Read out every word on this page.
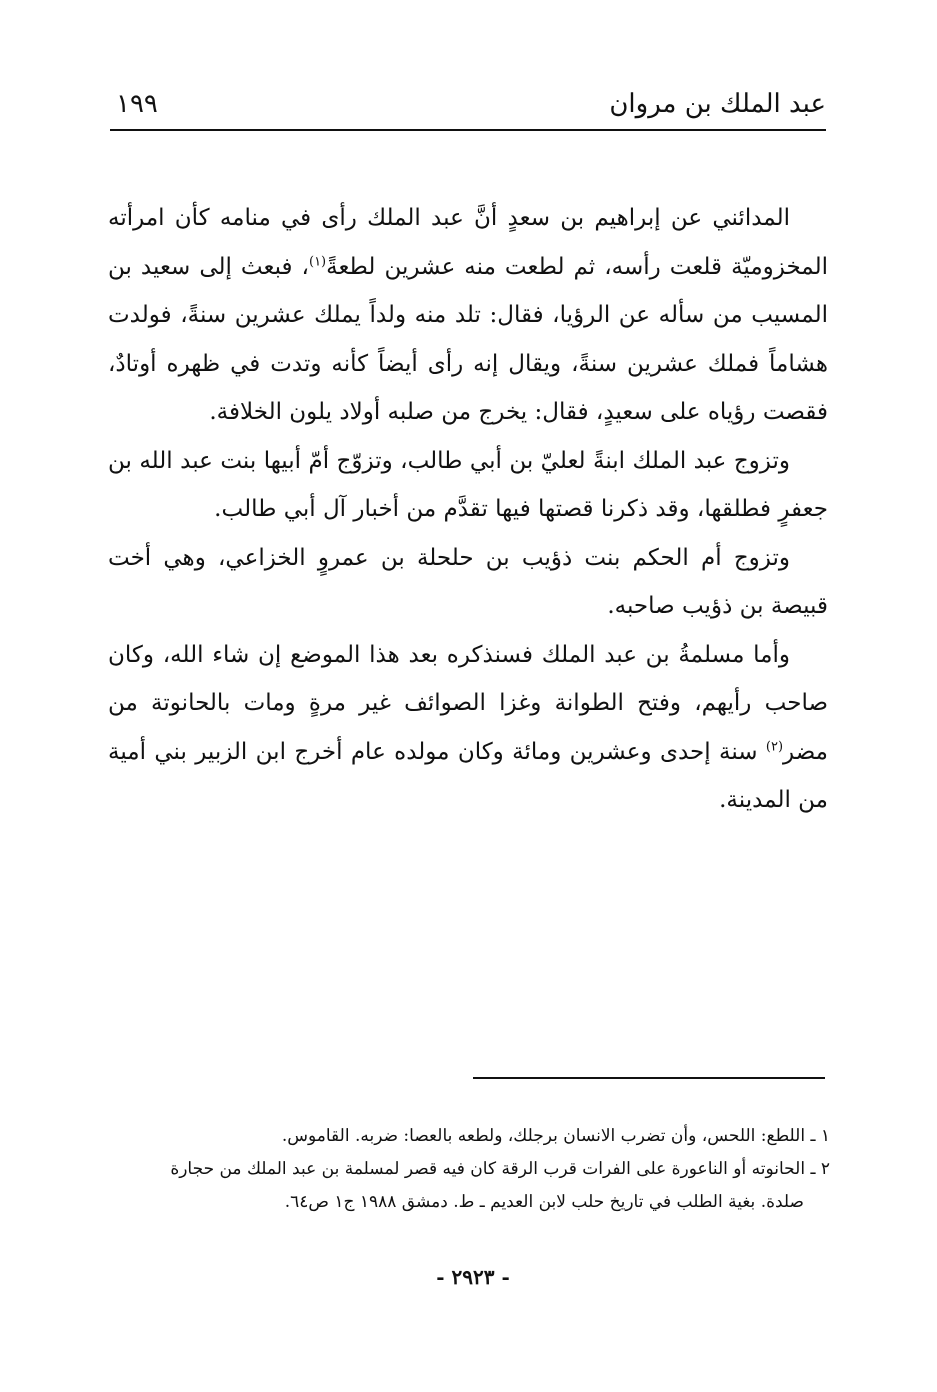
عبد الملك بن مروان
١٩٩

المدائني عن إبراهيم بن سعدٍ أنَّ عبد الملك رأى في منامه كأن امرأته المخزوميّة قلعت رأسه، ثم لطعت منه عشرين لطعةً$^{(١)}$، فبعث إلى سعيد بن المسيب من سأله عن الرؤيا، فقال: تلد منه ولداً يملك عشرين سنةً، فولدت هشاماً فملك عشرين سنةً، ويقال إنه رأى أيضاً كأنه وتدت في ظهره أوتادٌ، فقصت رؤياه على سعيدٍ، فقال: يخرج من صلبه أولاد يلون الخلافة.

وتزوج عبد الملك ابنةً لعليّ بن أبي طالب، وتزوّج أمّ أبيها بنت عبد الله بن جعفرٍ فطلقها، وقد ذكرنا قصتها فيها تقدَّم من أخبار آل أبي طالب.

وتزوج أم الحكم بنت ذؤيب بن حلحلة بن عمروٍ الخزاعي، وهي أخت قبيصة بن ذؤيب صاحبه.

وأما مسلمةُ بن عبد الملك فسنذكره بعد هذا الموضع إن شاء الله، وكان صاحب رأيهم، وفتح الطوانة وغزا الصوائف غير مرةٍ ومات بالحانوتة من مضر$^{(٢)}$ سنة إحدى وعشرين ومائة وكان مولده عام أخرج ابن الزبير بني أمية من المدينة.

١ ـ اللطع: اللحس، وأن تضرب الانسان برجلك، ولطعه بالعصا: ضربه. القاموس.

٢ ـ الحانوته أو الناعورة على الفرات قرب الرقة كان فيه قصر لمسلمة بن عبد الملك من حجارة

صلدة. بغية الطلب في تاريخ حلب لابن العديم ـ ط. دمشق ١٩٨٨ ج١ ص٦٤.

- ٢٩٢٣ -
